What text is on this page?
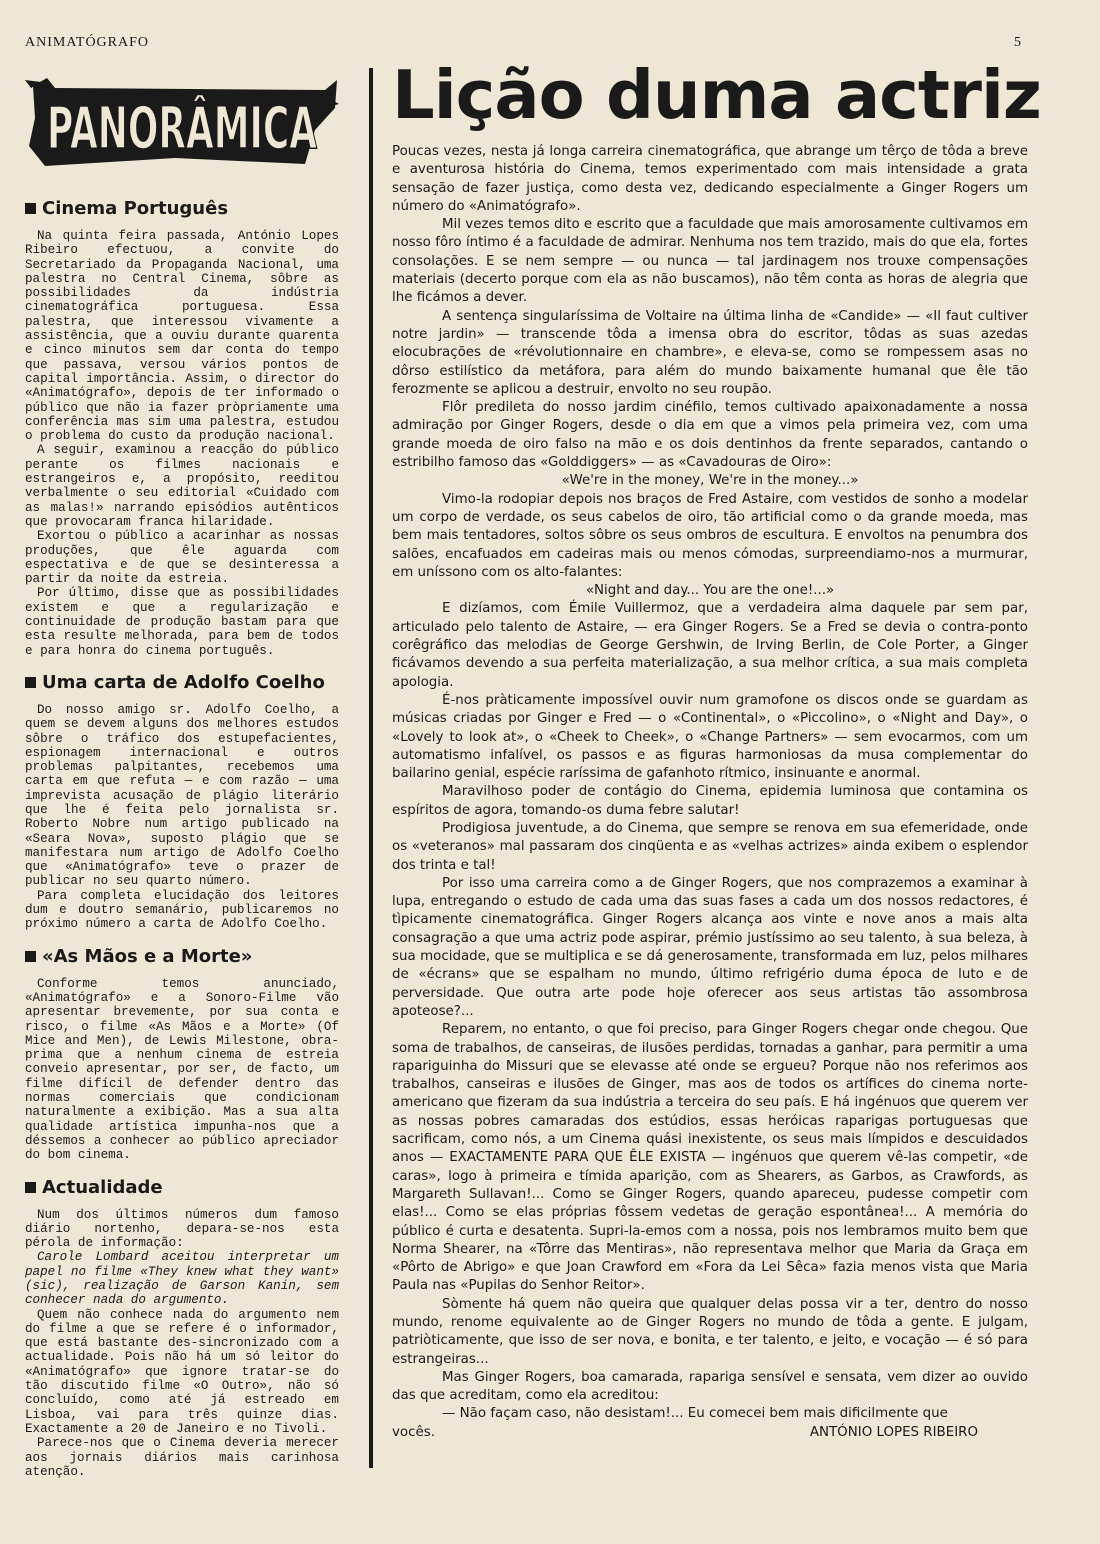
ANIMATÓGRAFO	5
PANORÂMICA
Cinema Português

Na quinta feira passada, António Lopes Ribeiro efectuou, a convite do Secretariado da Propaganda Nacional, uma palestra no Central Cinema, sôbre as possibilidades da indústria cinematográfica portuguesa. Essa palestra, que interessou vivamente a assistência, que a ouviu durante quarenta e cinco minutos sem dar conta do tempo que passava, versou vários pontos de capital importância. Assim, o director do «Animatógrafo», depois de ter informado o público que não ia fazer pròpriamente uma conferência mas sim uma palestra, estudou o problema do custo da produção nacional.

A seguir, examinou a reacção do público perante os filmes nacionais e estrangeiros e, a propósito, reeditou verbalmente o seu editorial «Cuidado com as malas!» narrando episódios autênticos que provocaram franca hilaridade.

Exortou o público a acarinhar as nossas produções, que êle aguarda com espectativa e de que se desinteressa a partir da noite da estreia.

Por último, disse que as possibilidades existem e que a regularização e continuidade de produção bastam para que esta resulte melhorada, para bem de todos e para honra do cinema português.

Uma carta de Adolfo Coelho

Do nosso amigo sr. Adolfo Coelho, a quem se devem alguns dos melhores estudos sôbre o tráfico dos estupefacientes, espionagem internacional e outros problemas palpitantes, recebemos uma carta em que refuta — e com razão — uma imprevista acusação de plágio literário que lhe é feita pelo jornalista sr. Roberto Nobre num artigo publicado na «Seara Nova», suposto plágio que se manifestara num artigo de Adolfo Coelho que «Animatógrafo» teve o prazer de publicar no seu quarto número.

Para completa elucidação dos leitores dum e doutro semanário, publicaremos no próximo número a carta de Adolfo Coelho.

«As Mãos e a Morte»

Conforme temos anunciado, «Animatógrafo» e a Sonoro-Filme vão apresentar brevemente, por sua conta e risco, o filme «As Mãos e a Morte» (Of Mice and Men), de Lewis Milestone, obra-prima que a nenhum cinema de estreia conveio apresentar, por ser, de facto, um filme difícil de defender dentro das normas comerciais que condicionam naturalmente a exibição. Mas a sua alta qualidade artística impunha-nos que a déssemos a conhecer ao público apreciador do bom cinema.

Actualidade

Num dos últimos números dum famoso diário nortenho, depara-se-nos esta pérola de informação:

Carole Lombard aceitou interpretar um papel no filme «They knew what they want» (sic), realização de Garson Kanin, sem conhecer nada do argumento.

Quem não conhece nada do argumento nem do filme a que se refere é o informador, que está bastante des-sincronizado com a actualidade. Pois não há um só leitor do «Animatógrafo» que ignore tratar-se do tão discutido filme «O Outro», não só concluído, como até já estreado em Lisboa, vai para três quinze dias. Exactamente a 20 de Janeiro e no Tivoli.

Parece-nos que o Cinema deveria merecer aos jornais diários mais carinhosa atenção.

Lição duma actriz

Poucas vezes, nesta já longa carreira cinematográfica, que abrange um têrço de tôda a breve e aventurosa história do Cinema, temos experimentado com mais intensidade a grata sensação de fazer justiça, como desta vez, dedicando especialmente a Ginger Rogers um número do «Animatógrafo».

Mil vezes temos dito e escrito que a faculdade que mais amorosamente cultivamos em nosso fôro íntimo é a faculdade de admirar. Nenhuma nos tem trazido, mais do que ela, fortes consolações. E se nem sempre — ou nunca — tal jardinagem nos trouxe compensações materiais (decerto porque com ela as não buscamos), não têm conta as horas de alegria que lhe ficámos a dever.

A sentença singularíssima de Voltaire na última linha de «Candide» — «Il faut cultiver notre jardin» — transcende tôda a imensa obra do escritor, tôdas as suas azedas elocubrações de «révolutionnaire en chambre», e eleva-se, como se rompessem asas no dôrso estilístico da metáfora, para além do mundo baixamente humanal que êle tão ferozmente se aplicou a destruir, envolto no seu roupão.

Flôr predileta do nosso jardim cinéfilo, temos cultivado apaixonadamente a nossa admiração por Ginger Rogers, desde o dia em que a vimos pela primeira vez, com uma grande moeda de oiro falso na mão e os dois dentinhos da frente separados, cantando o estribilho famoso das «Golddiggers» — as «Cavadouras de Oiro»:

«We're in the money, We're in the money...»

Vimo-la rodopiar depois nos braços de Fred Astaire, com vestidos de sonho a modelar um corpo de verdade, os seus cabelos de oiro, tão artificial como o da grande moeda, mas bem mais tentadores, soltos sôbre os seus ombros de escultura. E envoltos na penumbra dos salões, encafuados em cadeiras mais ou menos cómodas, surpreendiamo-nos a murmurar, em uníssono com os alto-falantes:

«Night and day... You are the one!...»

E dizíamos, com Émile Vuillermoz, que a verdadeira alma daquele par sem par, articulado pelo talento de Astaire, — era Ginger Rogers. Se a Fred se devia o contra-ponto corêgráfico das melodias de George Gershwin, de Irving Berlin, de Cole Porter, a Ginger ficávamos devendo a sua perfeita materialização, a sua melhor crítica, a sua mais completa apologia.

É-nos pràticamente impossível ouvir num gramofone os discos onde se guardam as músicas criadas por Ginger e Fred — o «Continental», o «Piccolino», o «Night and Day», o «Lovely to look at», o «Cheek to Cheek», o «Change Partners» — sem evocarmos, com um automatismo infalível, os passos e as figuras harmoniosas da musa complementar do bailarino genial, espécie raríssima de gafanhoto rítmico, insinuante e anormal.

Maravilhoso poder de contágio do Cinema, epidemia luminosa que contamina os espíritos de agora, tomando-os duma febre salutar!

Prodigiosa juventude, a do Cinema, que sempre se renova em sua efemeridade, onde os «veteranos» mal passaram dos cinqüenta e as «velhas actrizes» ainda exibem o esplendor dos trinta e tal!

Por isso uma carreira como a de Ginger Rogers, que nos comprazemos a examinar à lupa, entregando o estudo de cada uma das suas fases a cada um dos nossos redactores, é tìpicamente cinematográfica. Ginger Rogers alcança aos vinte e nove anos a mais alta consagração a que uma actriz pode aspirar, prémio justíssimo ao seu talento, à sua beleza, à sua mocidade, que se multiplica e se dá generosamente, transformada em luz, pelos milhares de «écrans» que se espalham no mundo, último refrigério duma época de luto e de perversidade. Que outra arte pode hoje oferecer aos seus artistas tão assombrosa apoteose?...

Reparem, no entanto, o que foi preciso, para Ginger Rogers chegar onde chegou. Que soma de trabalhos, de canseiras, de ilusões perdidas, tornadas a ganhar, para permitir a uma rapariguinha do Missuri que se elevasse até onde se ergueu? Porque não nos referimos aos trabalhos, canseiras e ilusões de Ginger, mas aos de todos os artífices do cinema norte-americano que fizeram da sua indústria a terceira do seu país. E há ingénuos que querem ver as nossas pobres camaradas dos estúdios, essas heróicas raparigas portuguesas que sacrificam, como nós, a um Cinema quási inexistente, os seus mais límpidos e descuidados anos — EXACTAMENTE PARA QUE ÊLE EXISTA — ingénuos que querem vê-las competir, «de caras», logo à primeira e tímida aparição, com as Shearers, as Garbos, as Crawfords, as Margareth Sullavan!... Como se Ginger Rogers, quando apareceu, pudesse competir com elas!... Como se elas próprias fôssem vedetas de geração espontânea!... A memória do público é curta e desatenta. Supri-la-emos com a nossa, pois nos lembramos muito bem que Norma Shearer, na «Tôrre das Mentiras», não representava melhor que Maria da Graça em «Pôrto de Abrigo» e que Joan Crawford em «Fora da Lei Sêca» fazia menos vista que Maria Paula nas «Pupilas do Senhor Reitor».

Sòmente há quem não queira que qualquer delas possa vir a ter, dentro do nosso mundo, renome equivalente ao de Ginger Rogers no mundo de tôda a gente. E julgam, patriòticamente, que isso de ser nova, e bonita, e ter talento, e jeito, e vocação — é só para estrangeiras...

Mas Ginger Rogers, boa camarada, rapariga sensível e sensata, vem dizer ao ouvido das que acreditam, como ela acreditou:

— Não façam caso, não desistam!... Eu comecei bem mais dificilmente que

vocês.	ANTÓNIO LOPES RIBEIRO
